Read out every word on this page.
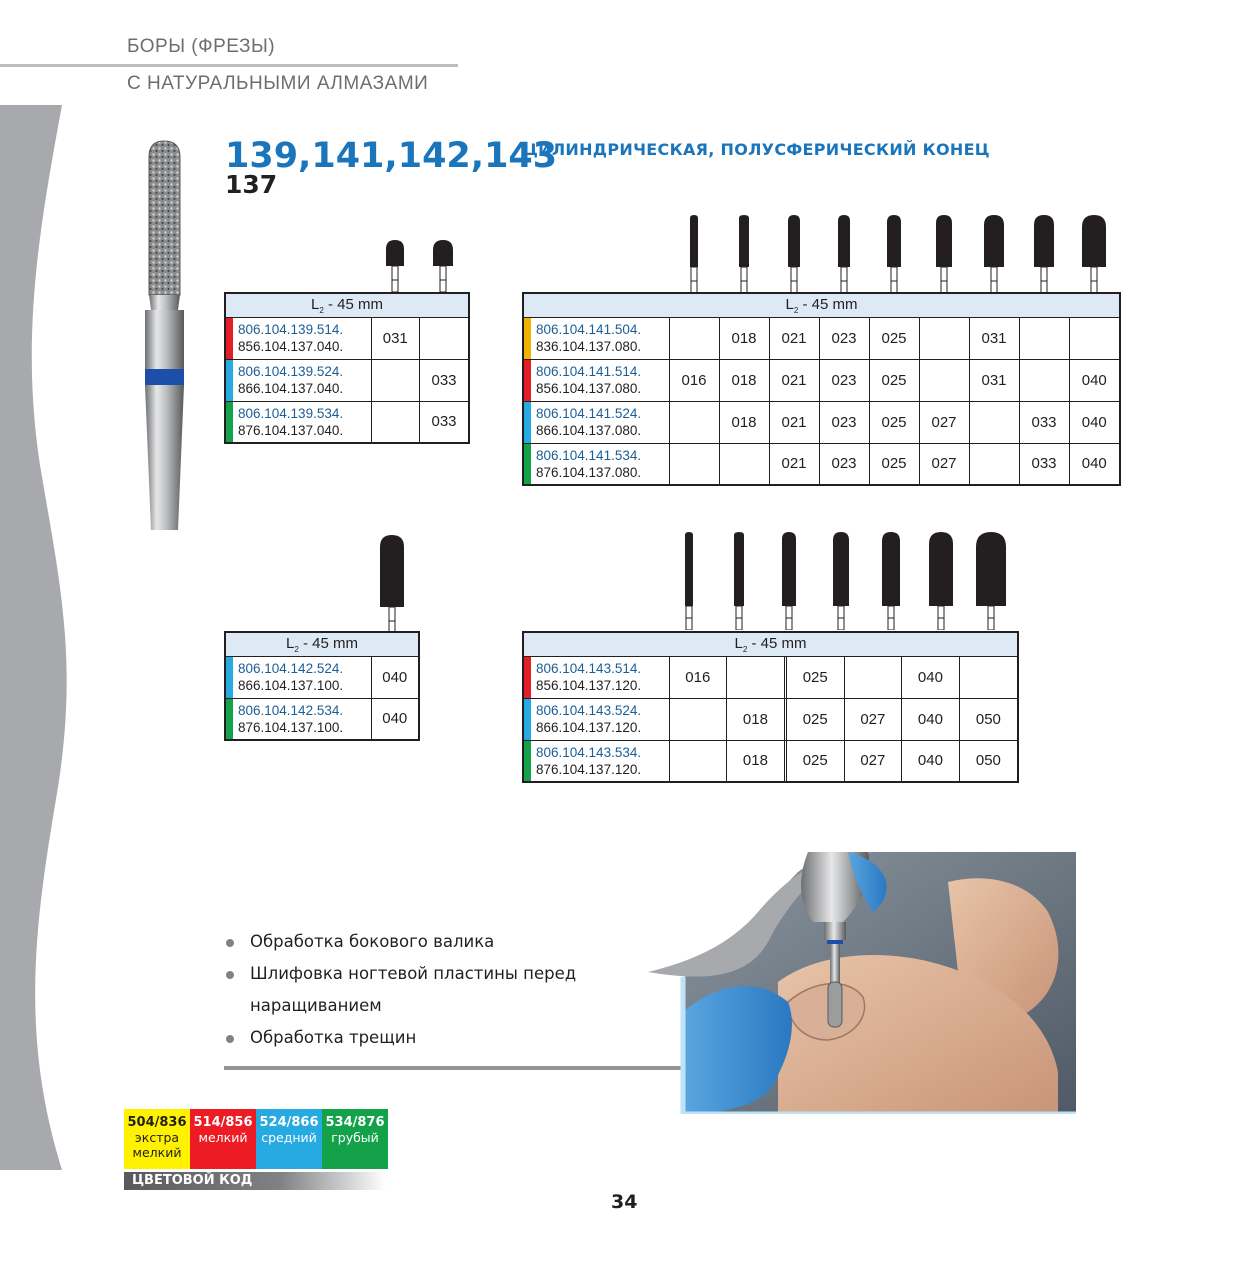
БОРЫ (ФРЕЗЫ)
С НАТУРАЛЬНЫМИ АЛМАЗАМИ
139,141,142,143
137
ЦИЛИНДРИЧЕСКАЯ, ПОЛУСФЕРИЧЕСКИЙ КОНЕЦ
$L_2 - 45$ mm		

806.104.139.514.
856.104.137.040.	031	

806.104.139.524.
866.104.137.040.		033

806.104.139.534.
876.104.137.040.		033
$L_2 - 45$ mm									

806.104.141.504.
836.104.137.080.		018	021	023	025		031		

806.104.141.514.
856.104.137.080.	016	018	021	023	025		031		040

806.104.141.524.
866.104.137.080.		018	021	023	025	027		033	040

806.104.141.534.
876.104.137.080.			021	023	025	027		033	040
$L_2 - 45$ mm	

806.104.142.524.
866.104.137.100.	040

806.104.142.534.
876.104.137.100.	040
$L_2 - 45$ mm							

806.104.143.514.
856.104.137.120.	016			025		040	

806.104.143.524.
866.104.137.120.		018		025	027	040	050

806.104.143.534.
876.104.137.120.		018		025	027	040	050
Обработка бокового валика
Шлифовка ногтевой пластины перед
наращиванием
Обработка трещин
504/836
экстра
мелкий
514/856
мелкий
524/866
средний
534/876
грубый
ЦВЕТОВОЙ КОД
34
